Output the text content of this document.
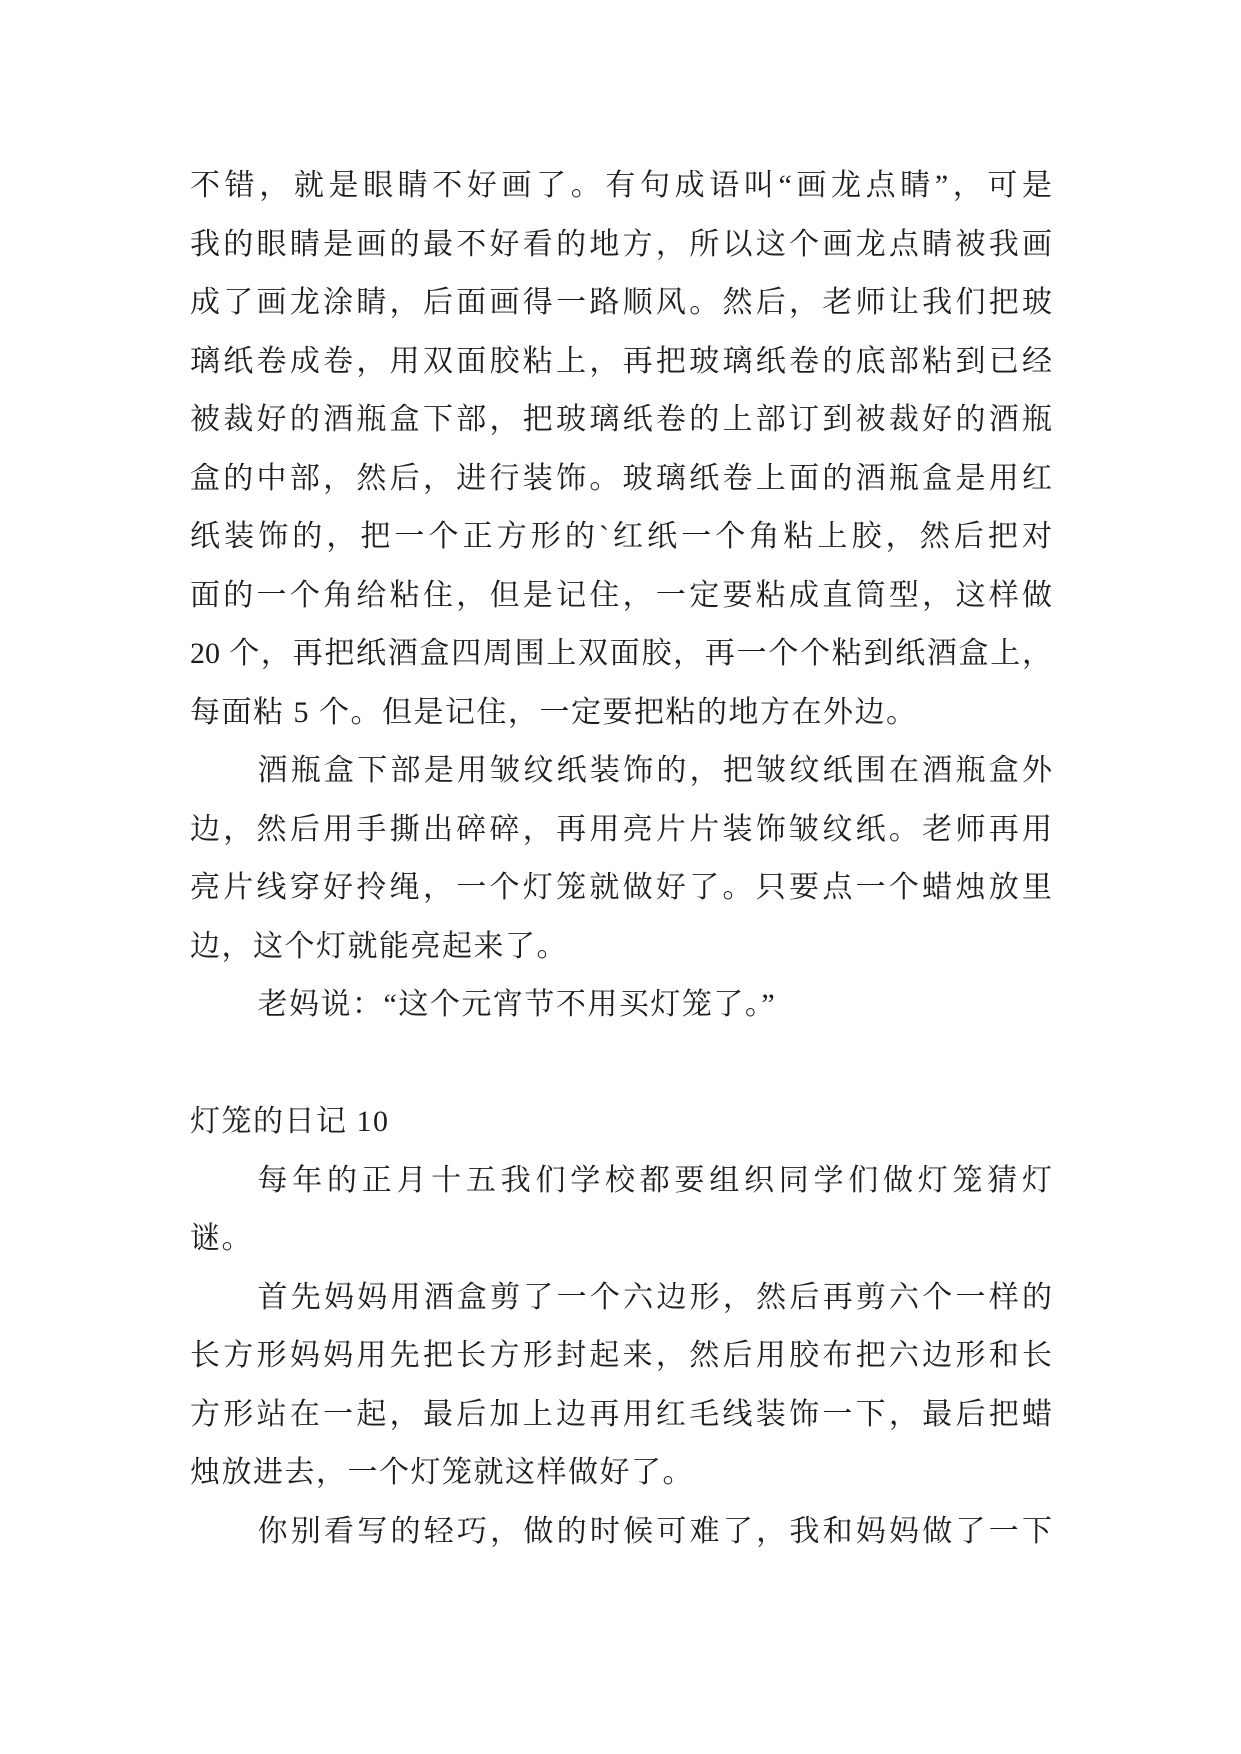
不错，就是眼睛不好画了。有句成语叫“画龙点睛”，可是
我的眼睛是画的最不好看的地方，所以这个画龙点睛被我画
成了画龙涂睛，后面画得一路顺风。然后，老师让我们把玻
璃纸卷成卷，用双面胶粘上，再把玻璃纸卷的底部粘到已经
被裁好的酒瓶盒下部，把玻璃纸卷的上部订到被裁好的酒瓶
盒的中部，然后，进行装饰。玻璃纸卷上面的酒瓶盒是用红
纸装饰的，把一个正方形的`红纸一个角粘上胶，然后把对
面的一个角给粘住，但是记住，一定要粘成直筒型，这样做
20 个，再把纸酒盒四周围上双面胶，再一个个粘到纸酒盒上，
每面粘 5 个。但是记住，一定要把粘的地方在外边。
酒瓶盒下部是用皱纹纸装饰的，把皱纹纸围在酒瓶盒外
边，然后用手撕出碎碎，再用亮片片装饰皱纹纸。老师再用
亮片线穿好拎绳，一个灯笼就做好了。只要点一个蜡烛放里
边，这个灯就能亮起来了。
老妈说：“这个元宵节不用买灯笼了。”
灯笼的日记 10
每年的正月十五我们学校都要组织同学们做灯笼猜灯
谜。
首先妈妈用酒盒剪了一个六边形，然后再剪六个一样的
长方形妈妈用先把长方形封起来，然后用胶布把六边形和长
方形站在一起，最后加上边再用红毛线装饰一下，最后把蜡
烛放进去，一个灯笼就这样做好了。
你别看写的轻巧，做的时候可难了，我和妈妈做了一下
